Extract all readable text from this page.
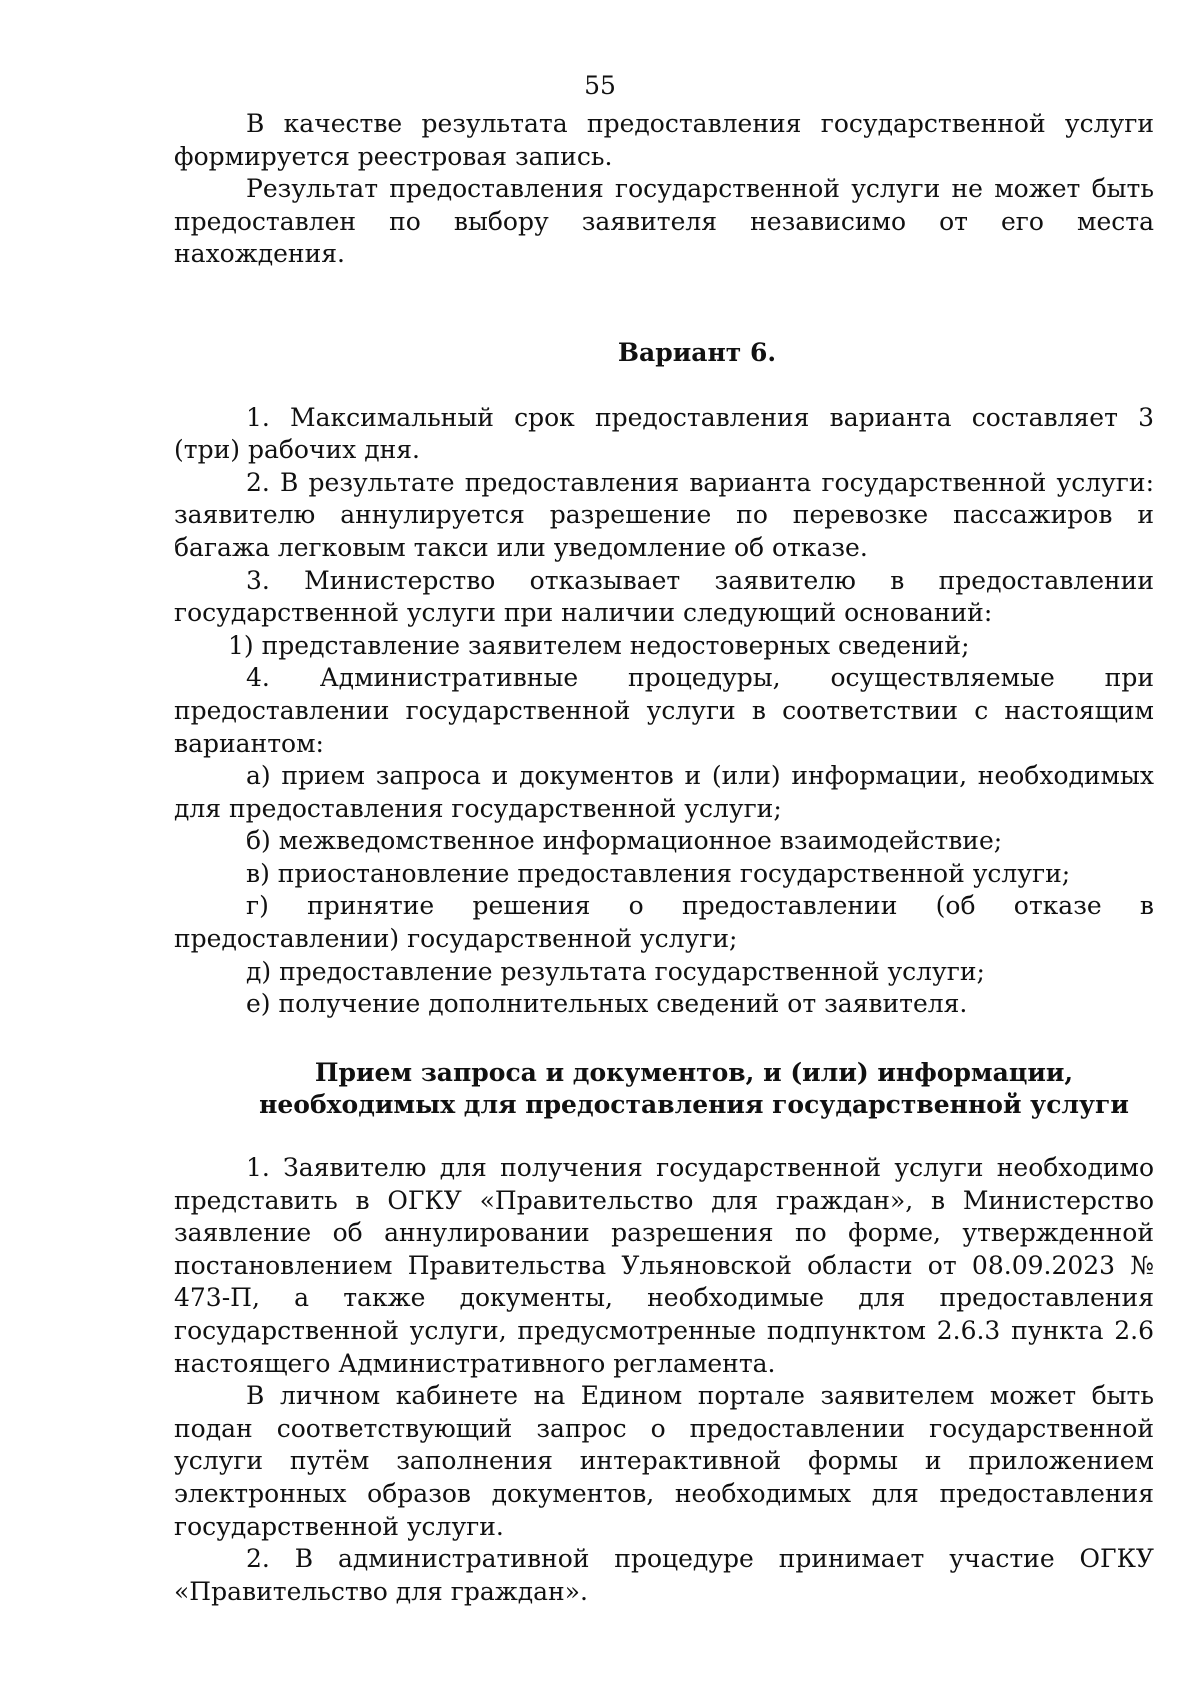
55

В качестве результата предоставления государственной услуги формируется реестровая запись.

Результат предоставления государственной услуги не может быть предоставлен по выбору заявителя независимо от его места нахождения.

Вариант 6.

1. Максимальный срок предоставления варианта составляет 3 (три) рабочих дня.

2. В результате предоставления варианта государственной услуги: заявителю аннулируется разрешение по перевозке пассажиров и багажа легковым такси или уведомление об отказе.

3. Министерство отказывает заявителю в предоставлении государственной услуги при наличии следующий оснований:

1) представление заявителем недостоверных сведений;

4. Административные процедуры, осуществляемые при предоставлении государственной услуги в соответствии с настоящим вариантом:

а) прием запроса и документов и (или) информации, необходимых для предоставления государственной услуги;

б) межведомственное информационное взаимодействие;

в) приостановление предоставления государственной услуги;

г) принятие решения о предоставлении (об отказе в предоставлении) государственной услуги;

д) предоставление результата государственной услуги;

е) получение дополнительных сведений от заявителя.

Прием запроса и документов, и (или) информации, необходимых для предоставления государственной услуги

1. Заявителю для получения государственной услуги необходимо представить в ОГКУ «Правительство для граждан», в Министерство заявление об аннулировании разрешения по форме, утвержденной постановлением Правительства Ульяновской области от 08.09.2023 № 473-П, а также документы, необходимые для предоставления государственной услуги, предусмотренные подпунктом 2.6.3 пункта 2.6 настоящего Административного регламента.

В личном кабинете на Едином портале заявителем может быть подан соответствующий запрос о предоставлении государственной услуги путём заполнения интерактивной формы и приложением электронных образов документов, необходимых для предоставления государственной услуги.

2. В административной процедуре принимает участие ОГКУ «Правительство для граждан».
